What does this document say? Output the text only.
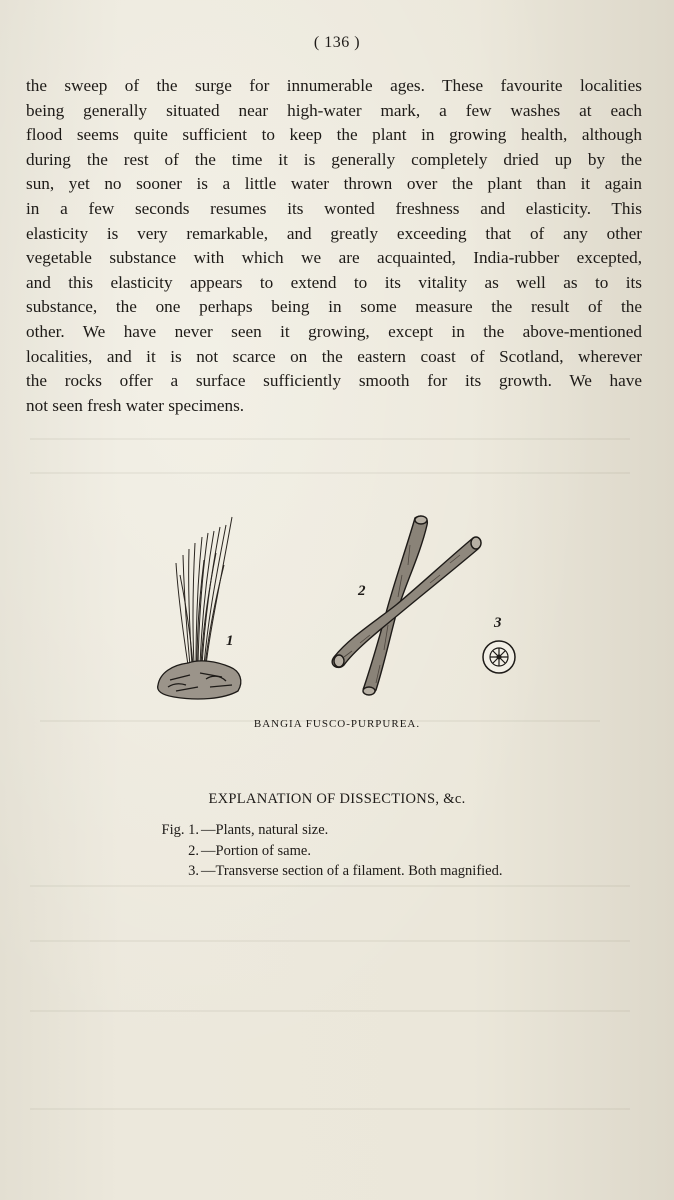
( 136 )
the sweep of the surge for innumerable ages. These favourite localities
being generally situated near high-water mark, a few washes at each
flood seems quite sufficient to keep the plant in growing health, although
during the rest of the time it is generally completely dried up by the
sun, yet no sooner is a little water thrown over the plant than it again
in a few seconds resumes its wonted freshness and elasticity. This
elasticity is very remarkable, and greatly exceeding that of any other
vegetable substance with which we are acquainted, India-rubber excepted,
and this elasticity appears to extend to its vitality as well as to its
substance, the one perhaps being in some measure the result of the
other. We have never seen it growing, except in the above-mentioned
localities, and it is not scarce on the eastern coast of Scotland, wherever
the rocks offer a surface sufficiently smooth for its growth. We have
not seen fresh water specimens.
1
2
3
BANGIA FUSCO-PURPUREA.
EXPLANATION OF DISSECTIONS, &c.
Fig. 1. —Plants, natural size.
2. —Portion of same.
3. —Transverse section of a filament. Both magnified.
